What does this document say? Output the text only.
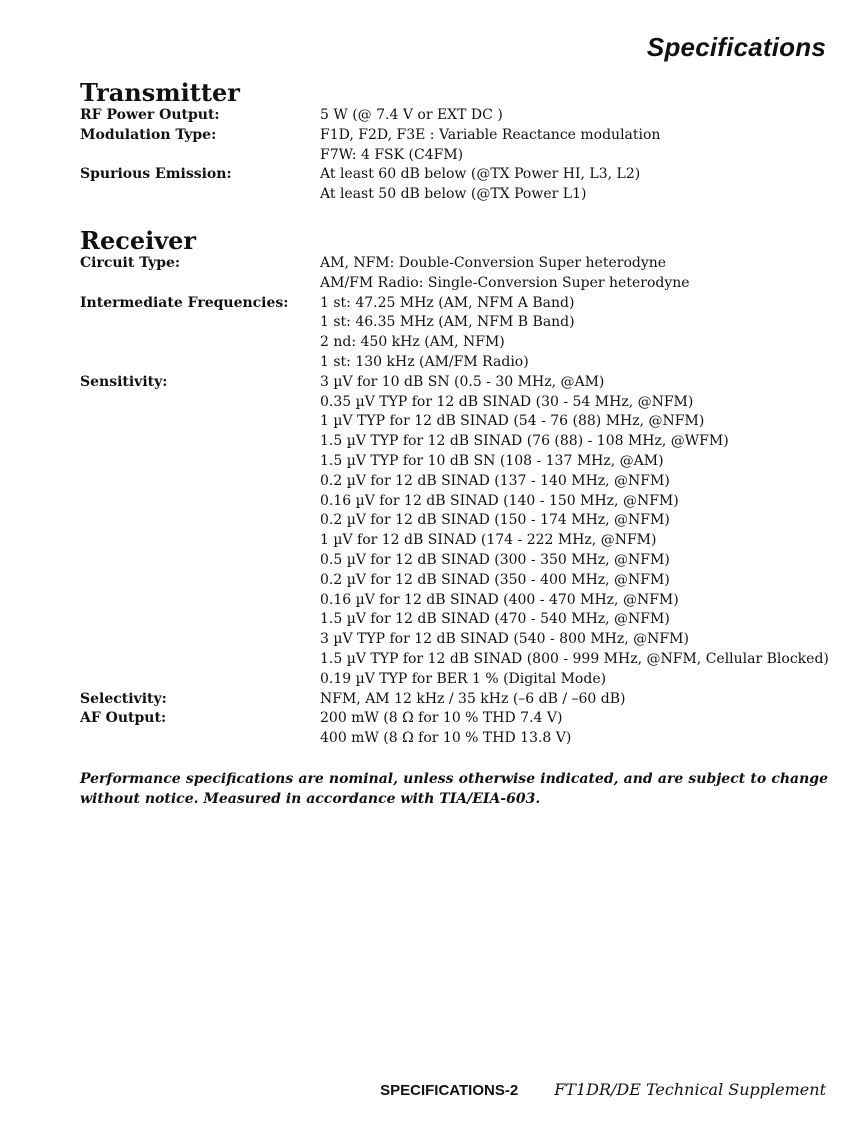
Specifications
Transmitter
RF Power Output:	5 W (@ 7.4 V or EXT DC )
Modulation Type:	F1D, F2D, F3E : Variable Reactance modulation
F7W: 4 FSK (C4FM)
Spurious Emission:	At least 60 dB below (@TX Power HI, L3, L2)
At least 50 dB below (@TX Power L1)
Receiver
Circuit Type:	AM, NFM: Double-Conversion Super heterodyne
AM/FM Radio: Single-Conversion Super heterodyne
Intermediate Frequencies:	1 st: 47.25 MHz (AM, NFM A Band)
1 st: 46.35 MHz (AM, NFM B Band)
2 nd: 450 kHz (AM, NFM)
1 st: 130 kHz (AM/FM Radio)
Sensitivity:	3 µV for 10 dB SN (0.5 - 30 MHz, @AM)
0.35 µV TYP for 12 dB SINAD (30 - 54 MHz, @NFM)
1 µV TYP for 12 dB SINAD (54 - 76 (88) MHz, @NFM)
1.5 µV TYP for 12 dB SINAD (76 (88) - 108 MHz, @WFM)
1.5 µV TYP for 10 dB SN (108 - 137 MHz, @AM)
0.2 µV for 12 dB SINAD (137 - 140 MHz, @NFM)
0.16 µV for 12 dB SINAD (140 - 150 MHz, @NFM)
0.2 µV for 12 dB SINAD (150 - 174 MHz, @NFM)
1 µV for 12 dB SINAD (174 - 222 MHz, @NFM)
0.5 µV for 12 dB SINAD (300 - 350 MHz, @NFM)
0.2 µV for 12 dB SINAD (350 - 400 MHz, @NFM)
0.16 µV for 12 dB SINAD (400 - 470 MHz, @NFM)
1.5 µV for 12 dB SINAD (470 - 540 MHz, @NFM)
3 µV TYP for 12 dB SINAD (540 - 800 MHz, @NFM)
1.5 µV TYP for 12 dB SINAD (800 - 999 MHz, @NFM, Cellular Blocked)
0.19 µV TYP for BER 1 % (Digital Mode)
Selectivity:	NFM, AM 12 kHz / 35 kHz (–6 dB / –60 dB)
AF Output:	200 mW (8 Ω for 10 % THD 7.4 V)
400 mW (8 Ω for 10 % THD 13.8 V)

Performance specifications are nominal, unless otherwise indicated, and are subject to change without notice. Measured in accordance with TIA/EIA-603.

SPECIFICATIONS-2 FT1DR/DE Technical Supplement
